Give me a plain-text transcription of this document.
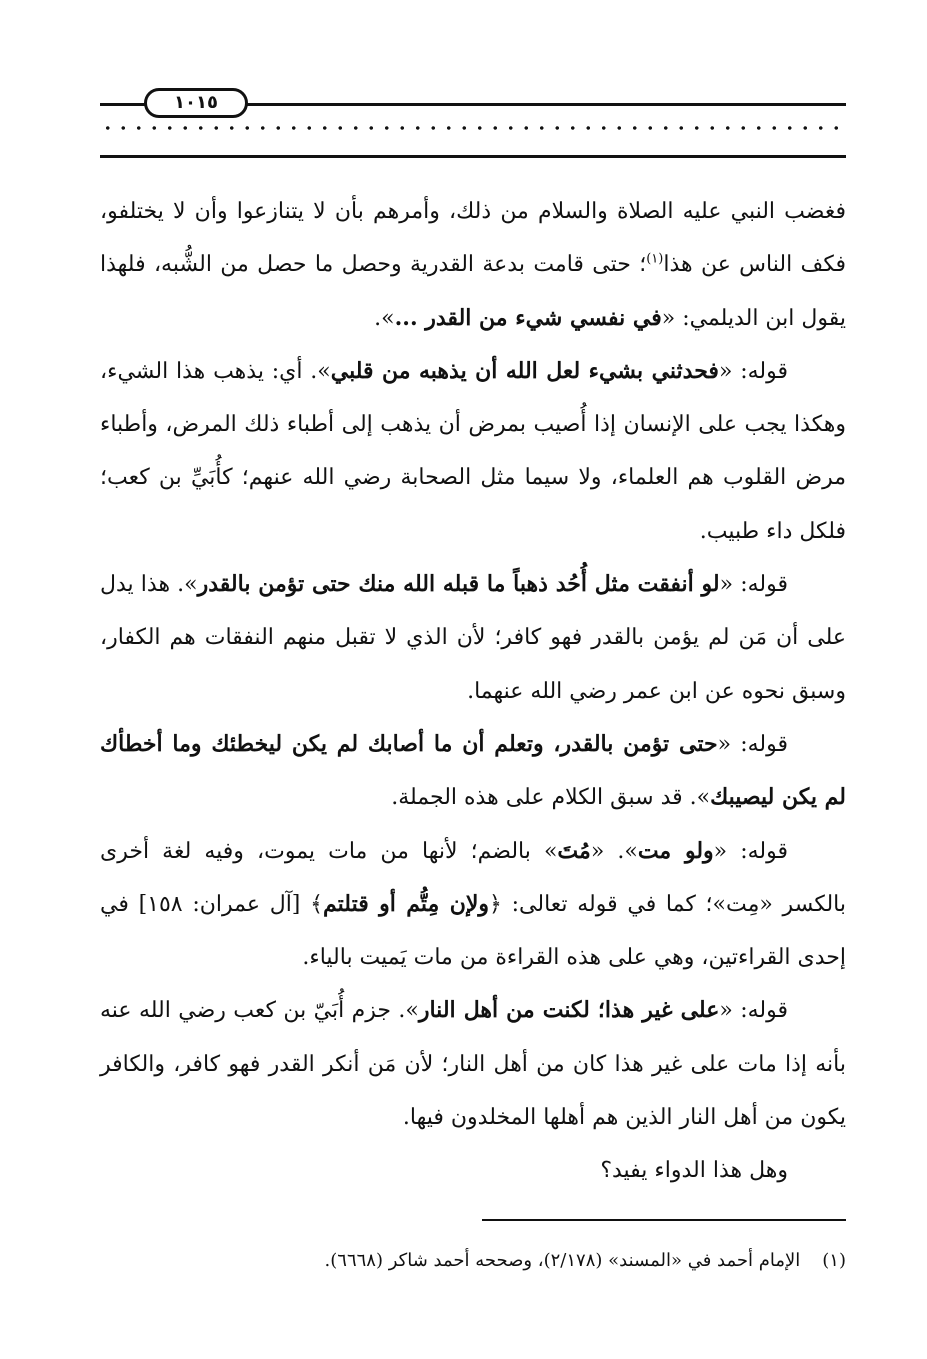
١٠١٥

فغضب النبي عليه الصلاة والسلام من ذلك، وأمرهم بأن لا يتنازعوا وأن لا يختلفو، فكف الناس عن هذا$^{(١)}$؛ حتى قامت بدعة القدرية وحصل ما حصل من الشُّبه، فلهذا يقول ابن الديلمي: «في نفسي شيء من القدر ...».

قوله: «فحدثني بشيء لعل الله أن يذهبه من قلبي». أي: يذهب هذا الشيء، وهكذا يجب على الإنسان إذا أُصيب بمرض أن يذهب إلى أطباء ذلك المرض، وأطباء مرض القلوب هم العلماء، ولا سيما مثل الصحابة رضي الله عنهم؛ كأُبَيِّ بن كعب؛ فلكل داء طبيب.

قوله: «لو أنفقت مثل أُحُد ذهباً ما قبله الله منك حتى تؤمن بالقدر». هذا يدل على أن مَن لم يؤمن بالقدر فهو كافر؛ لأن الذي لا تقبل منهم النفقات هم الكفار، وسبق نحوه عن ابن عمر رضي الله عنهما.

قوله: «حتى تؤمن بالقدر، وتعلم أن ما أصابك لم يكن ليخطئك وما أخطأك لم يكن ليصيبك». قد سبق الكلام على هذه الجملة.

قوله: «ولو مت». «مُتَ» بالضم؛ لأنها من مات يموت، وفيه لغة أخرى بالكسر «مِت»؛ كما في قوله تعالى: ﴿ولإن مِتُّم أو قتلتم﴾ [آل عمران: ١٥٨] في إحدى القراءتين، وهي على هذه القراءة من مات يَميت بالياء.

قوله: «على غير هذا؛ لكنت من أهل النار». جزم أُبَيّ بن كعب رضي الله عنه بأنه إذا مات على غير هذا كان من أهل النار؛ لأن مَن أنكر القدر فهو كافر، والكافر يكون من أهل النار الذين هم أهلها المخلدون فيها.

وهل هذا الدواء يفيد؟

(١)الإمام أحمد في «المسند» (٢/١٧٨)، وصححه أحمد شاكر (٦٦٦٨).
